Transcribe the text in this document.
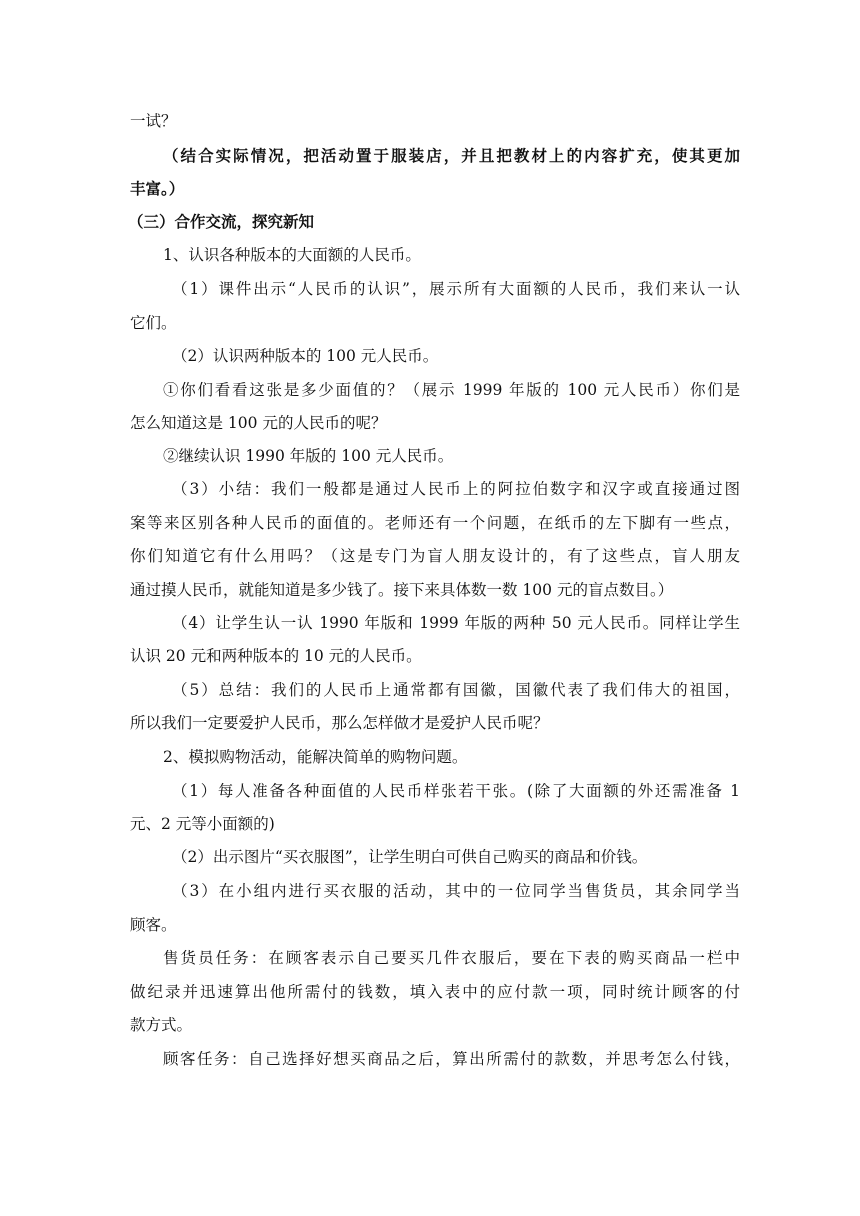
一试？
（结合实际情况，把活动置于服装店，并且把教材上的内容扩充，使其更加
丰富。）
（三）合作交流，探究新知
1、认识各种版本的大面额的人民币。
（1）课件出示“人民币的认识”，展示所有大面额的人民币，我们来认一认
它们。
（2）认识两种版本的 100 元人民币。
①你们看看这张是多少面值的？（展示 1999 年版的 100 元人民币）你们是
怎么知道这是 100 元的人民币的呢？
②继续认识 1990 年版的 100 元人民币。
（3）小结：我们一般都是通过人民币上的阿拉伯数字和汉字或直接通过图
案等来区别各种人民币的面值的。老师还有一个问题，在纸币的左下脚有一些点，
你们知道它有什么用吗？（这是专门为盲人朋友设计的，有了这些点，盲人朋友
通过摸人民币，就能知道是多少钱了。接下来具体数一数 100 元的盲点数目。）
（4）让学生认一认 1990 年版和 1999 年版的两种 50 元人民币。同样让学生
认识 20 元和两种版本的 10 元的人民币。
（5）总结：我们的人民币上通常都有国徽，国徽代表了我们伟大的祖国，
所以我们一定要爱护人民币，那么怎样做才是爱护人民币呢？
2、模拟购物活动，能解决简单的购物问题。
（1）每人准备各种面值的人民币样张若干张。(除了大面额的外还需准备 1
元、2 元等小面额的)
（2）出示图片“买衣服图”，让学生明白可供自己购买的商品和价钱。
（3）在小组内进行买衣服的活动，其中的一位同学当售货员，其余同学当
顾客。
售货员任务：在顾客表示自己要买几件衣服后，要在下表的购买商品一栏中
做纪录并迅速算出他所需付的钱数，填入表中的应付款一项，同时统计顾客的付
款方式。
顾客任务：自己选择好想买商品之后，算出所需付的款数，并思考怎么付钱，
